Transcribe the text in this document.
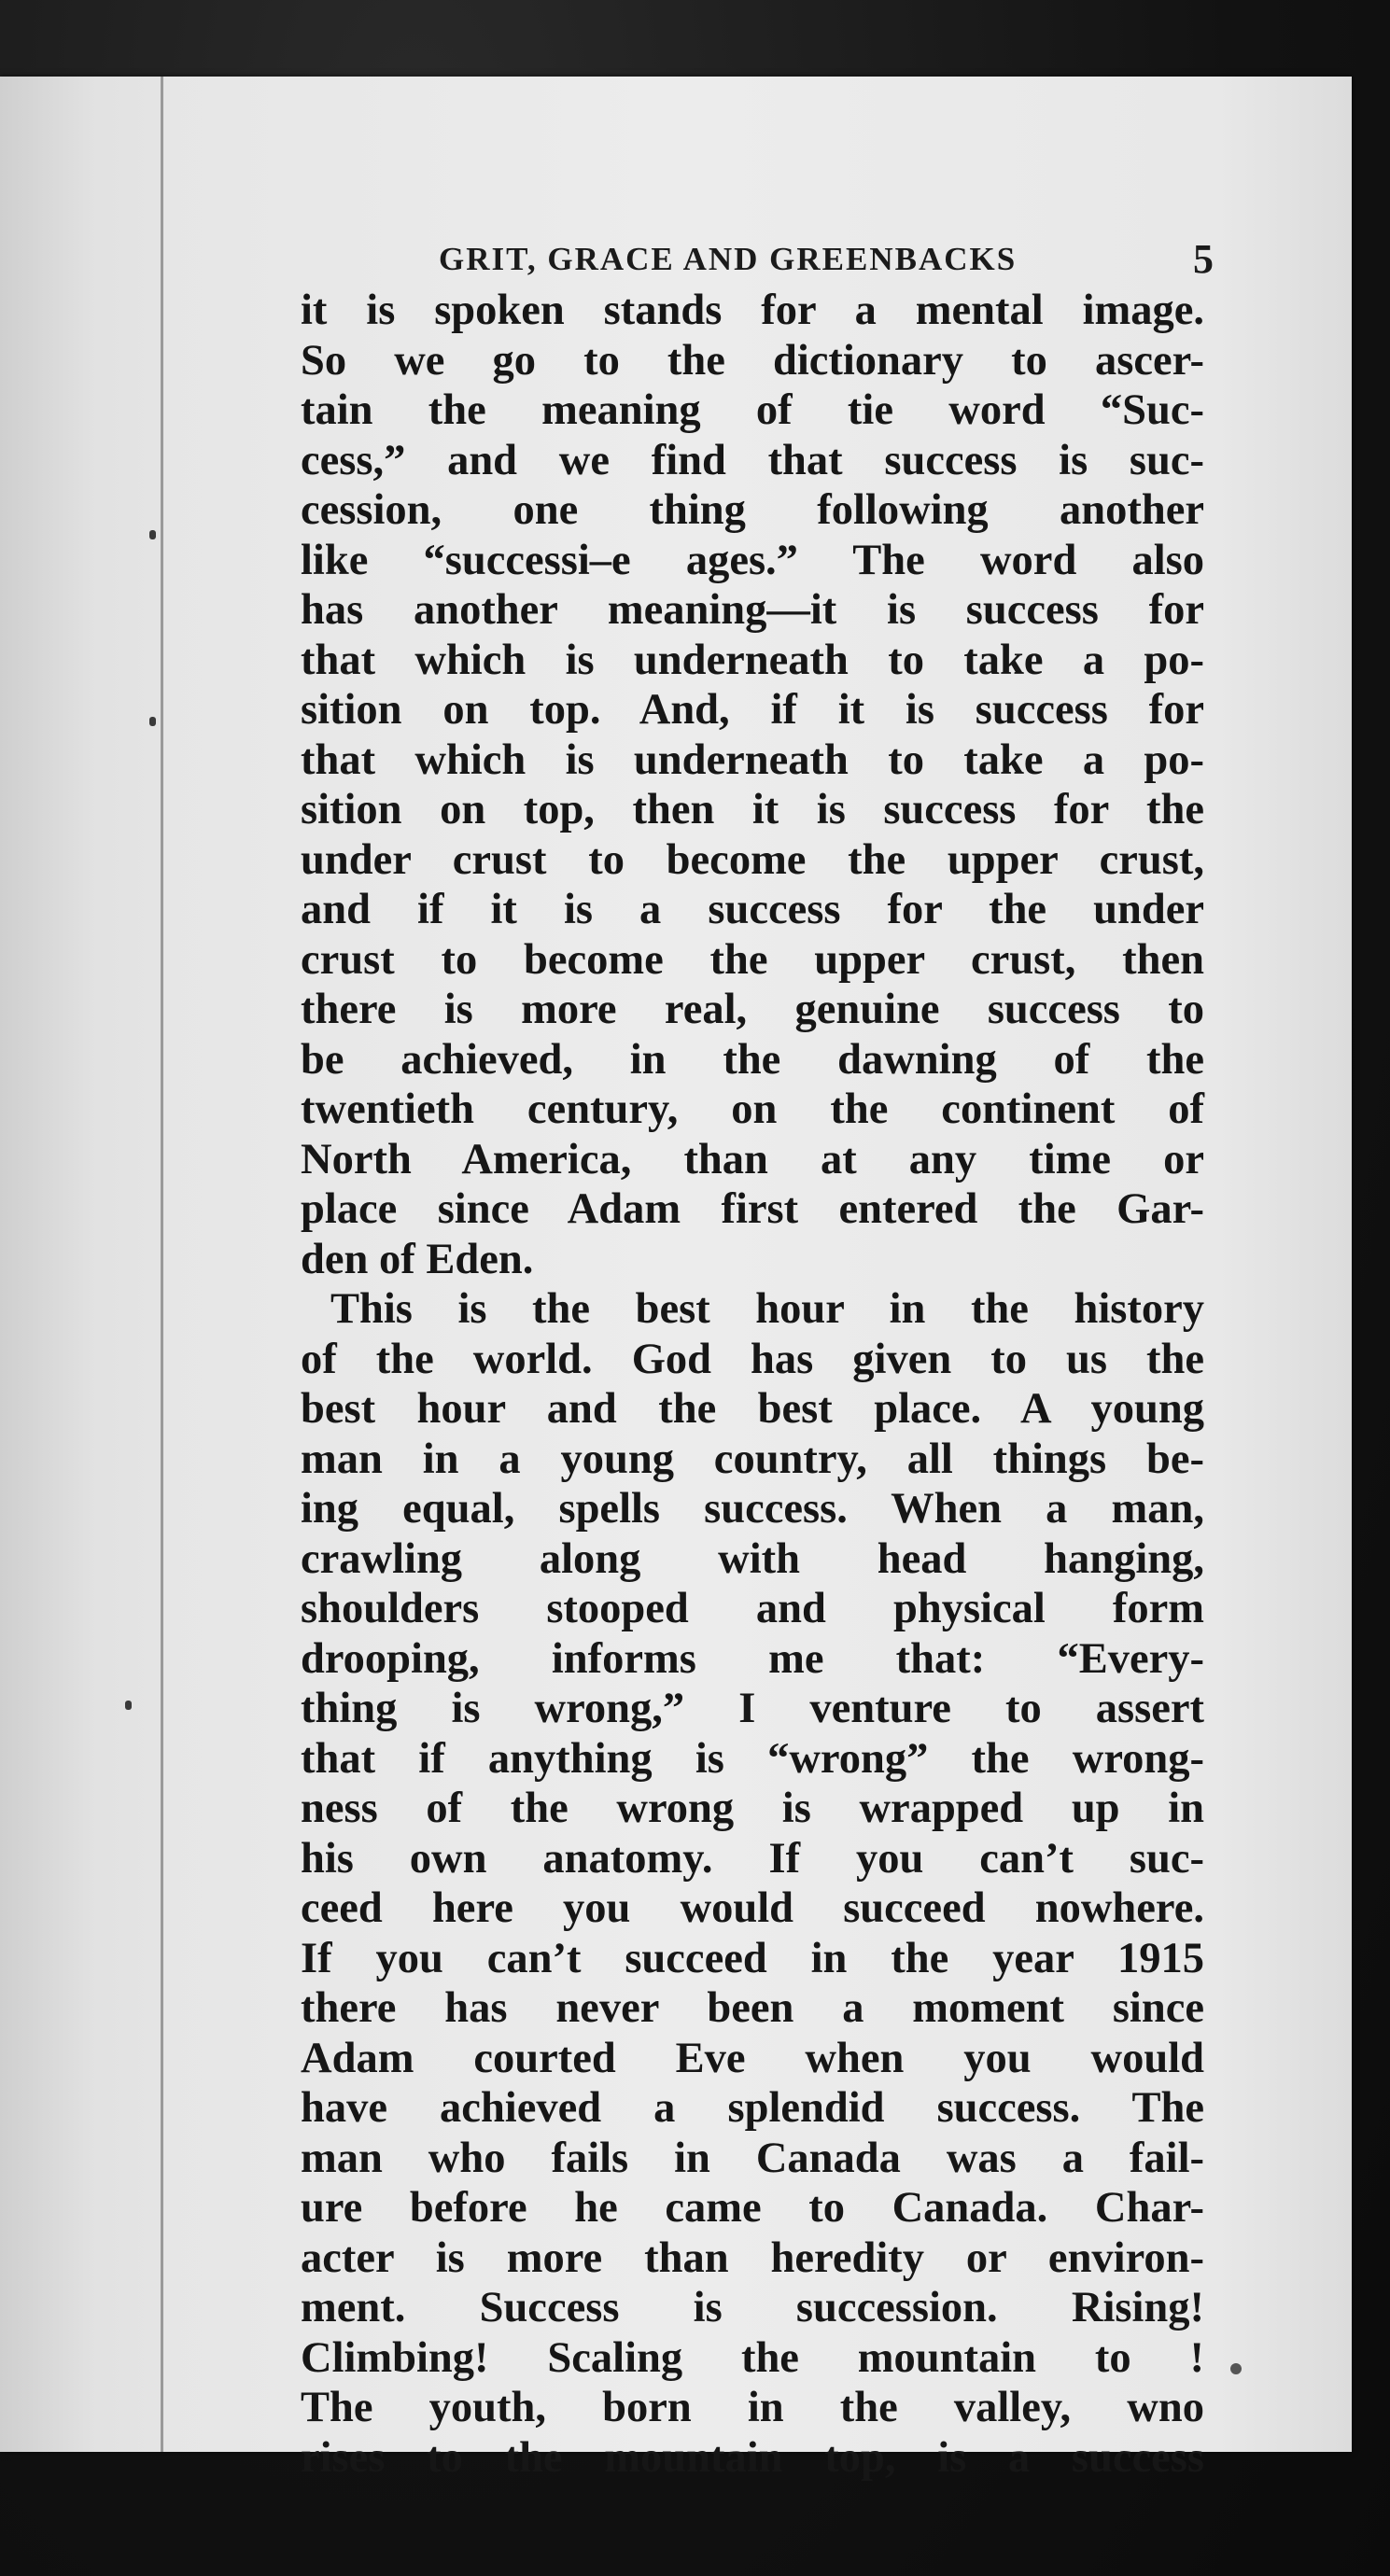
GRIT, GRACE AND GREENBACKS	5
it is spoken stands for a mental image.
So we go to the dictionary to ascer-
tain the meaning of tie word “Suc-
cess,” and we find that success is suc-
cession, one thing following another
like “successi–e ages.” The word also
has another meaning—it is success for
that which is underneath to take a po-
sition on top. And, if it is success for
that which is underneath to take a po-
sition on top, then it is success for the
under crust to become the upper crust,
and if it is a success for the under
crust to become the upper crust, then
there is more real, genuine success to
be achieved, in the dawning of the
twentieth century, on the continent of
North America, than at any time or
place since Adam first entered the Gar-
den of Eden.
This is the best hour in the history
of the world. God has given to us the
best hour and the best place. A young
man in a young country, all things be-
ing equal, spells success. When a man,
crawling along with head hanging,
shoulders stooped and physical form
drooping, informs me that: “Every-
thing is wrong,” I venture to assert
that if anything is “wrong” the wrong-
ness of the wrong is wrapped up in
his own anatomy. If you can’t suc-
ceed here you would succeed nowhere.
If you can’t succeed in the year 1915
there has never been a moment since
Adam courted Eve when you would
have achieved a splendid success. The
man who fails in Canada was a fail-
ure before he came to Canada. Char-
acter is more than heredity or environ-
ment. Success is succession. Rising!
Climbing! Scaling the mountain to !
The youth, born in the valley, wno
rises to the mountain top, is a success
